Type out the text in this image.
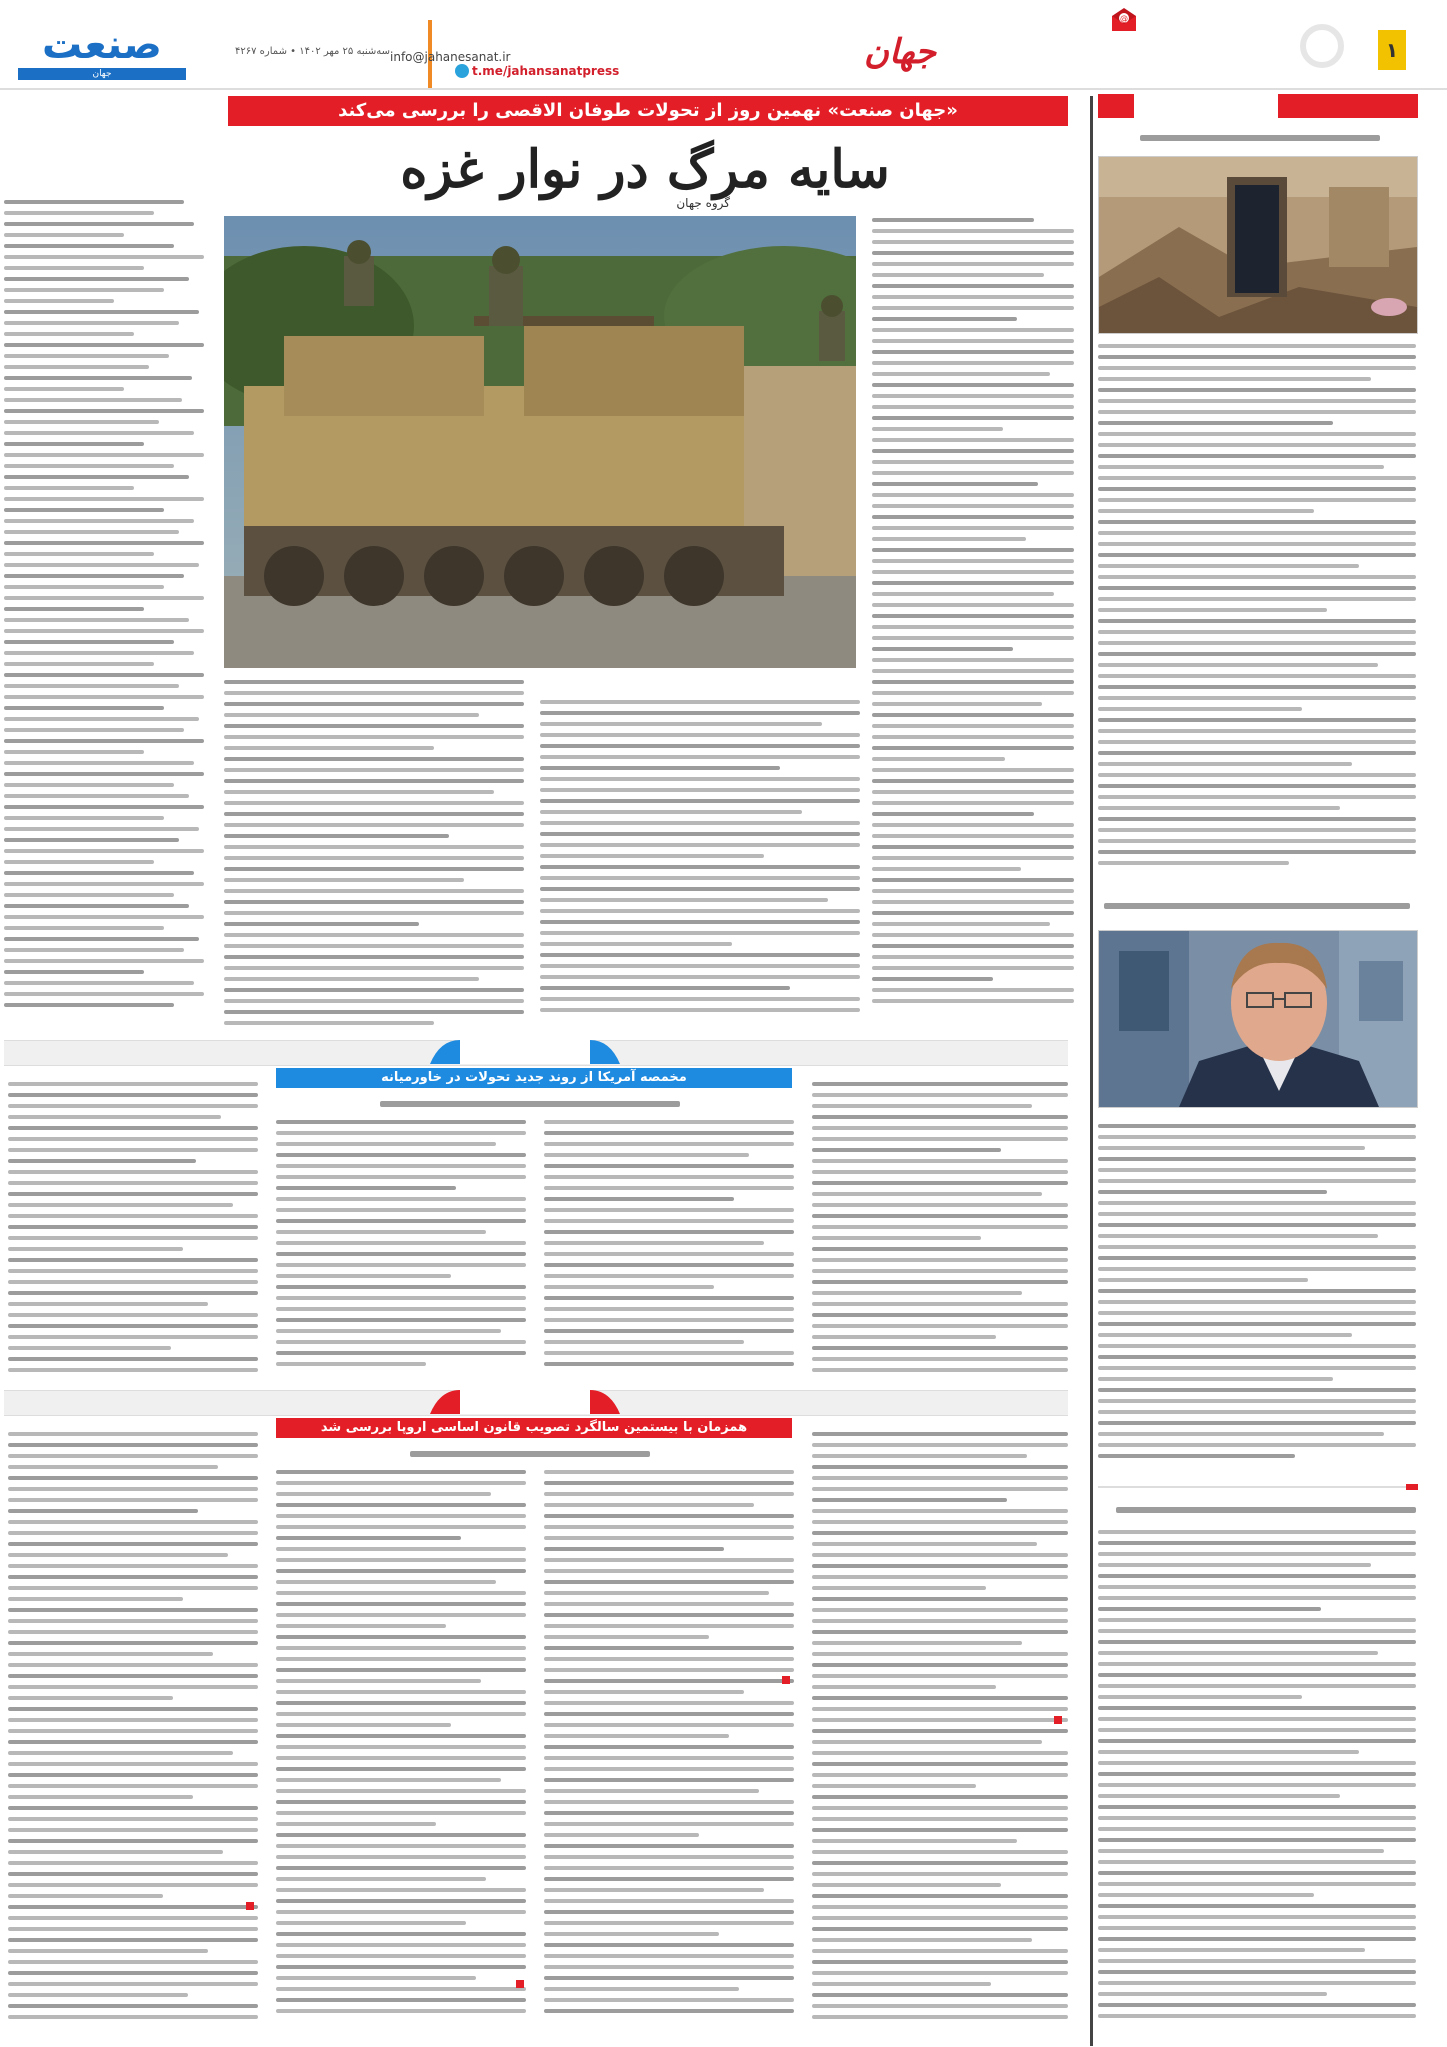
صنعت
جهان
سه‌شنبه ۲۵ مهر ۱۴۰۲ • شماره ۴۲۶۷ info@jahanesanat.ir
t.me/jahansanatpress	جهان
@
۱
«جهان صنعت» نهمین روز از تحولات طوفان الاقصی را بررسی می‌کند
سایه مرگ در نوار غزه
گروه جهان
مخمصه آمریکا از روند جدید تحولات در خاورمیانه
همزمان با بیستمین سالگرد تصویب قانون اساسی اروپا بررسی شد
